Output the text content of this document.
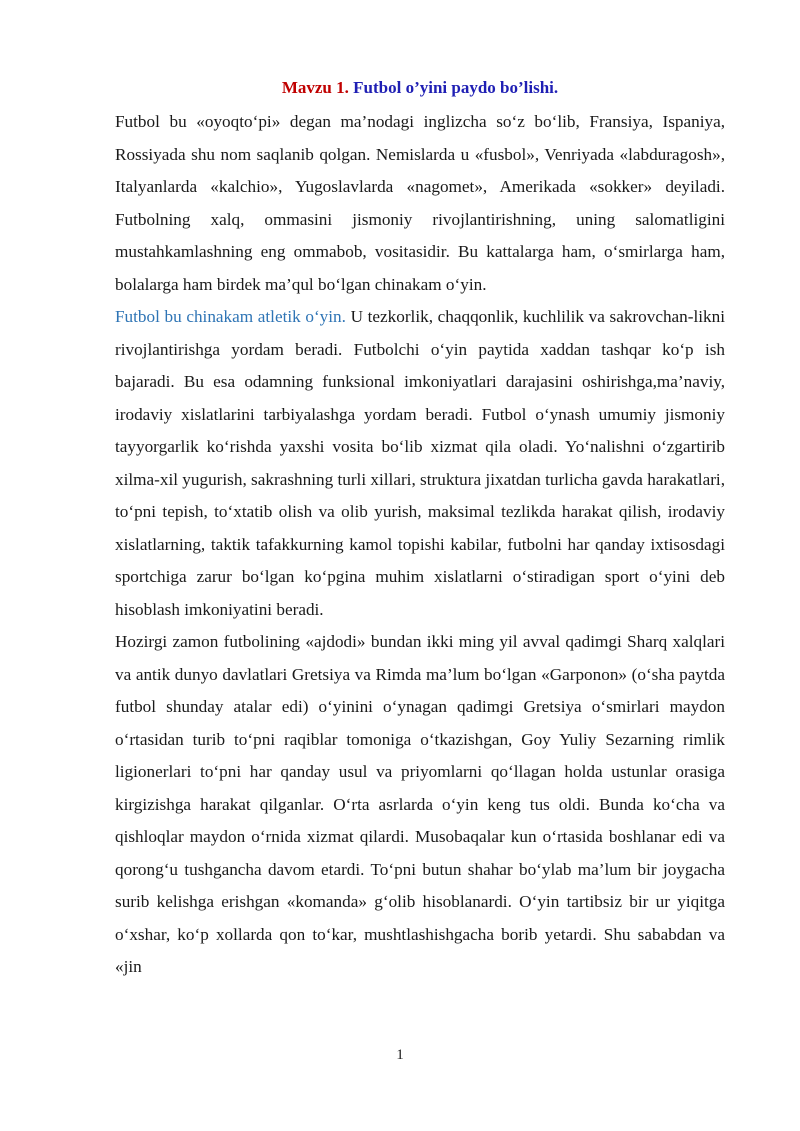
Mavzu 1. Futbol o’yini paydo bo’lishi.

Futbol bu «oyoqto‘pi» degan ma’nodagi inglizcha so‘z bo‘lib, Fransiya, Ispaniya, Rossiyada shu nom saqlanib qolgan. Nemislarda u «fusbol», Venriyada «labduragosh», Italyanlarda «kalchio», Yugoslavlarda «nagomet», Amerikada «sokker» deyiladi. Futbolning xalq, ommasini jismoniy rivojlantirishning, uning salomatligini mustahkamlashning eng ommabob, vositasidir. Bu kattalarga ham, o‘smirlarga ham, bolalarga ham birdek ma’qul bo‘lgan chinakam o‘yin.

Futbol bu chinakam atletik o‘yin. U tezkorlik, chaqqonlik, kuchlilik va sakrovchan-likni rivojlantirishga yordam beradi. Futbolchi o‘yin paytida xaddan tashqar ko‘p ish bajaradi. Bu esa odamning funksional imkoniyatlari darajasini oshirishga,ma’naviy, irodaviy xislatlarini tarbiyalashga yordam beradi. Futbol o‘ynash umumiy jismoniy tayyorgarlik ko‘rishda yaxshi vosita bo‘lib xizmat qila oladi. Yo‘nalishni o‘zgartirib xilma-xil yugurish, sakrashning turli xillari, struktura jixatdan turlicha gavda harakatlari, to‘pni tepish, to‘xtatib olish va olib yurish, maksimal tezlikda harakat qilish, irodaviy xislatlarning, taktik tafakkurning kamol topishi kabilar, futbolni har qanday ixtisosdagi sportchiga zarur bo‘lgan ko‘pgina muhim xislatlarni o‘stiradigan sport o‘yini deb hisoblash imkoniyatini beradi.

Hozirgi zamon futbolining «ajdodi» bundan ikki ming yil avval qadimgi Sharq xalqlari va antik dunyo davlatlari Gretsiya va Rimda ma’lum bo‘lgan «Garponon» (o‘sha paytda futbol shunday atalar edi) o‘yinini o‘ynagan qadimgi Gretsiya o‘smirlari maydon o‘rtasidan turib to‘pni raqiblar tomoniga o‘tkazishgan, Goy Yuliy Sezarning rimlik ligionerlari to‘pni har qanday usul va priyomlarni qo‘llagan holda ustunlar orasiga kirgizishga harakat qilganlar. O‘rta asrlarda o‘yin keng tus oldi. Bunda ko‘cha va qishloqlar maydon o‘rnida xizmat qilardi. Musobaqalar kun o‘rtasida boshlanar edi va qorong‘u tushgancha davom etardi. To‘pni butun shahar bo‘ylab ma’lum bir joygacha surib kelishga erishgan «komanda» g‘olib hisoblanardi. O‘yin tartibsiz bir ur yiqitga o‘xshar, ko‘p xollarda qon to‘kar, mushtlashishgacha borib yetardi. Shu sababdan va «jin

1
